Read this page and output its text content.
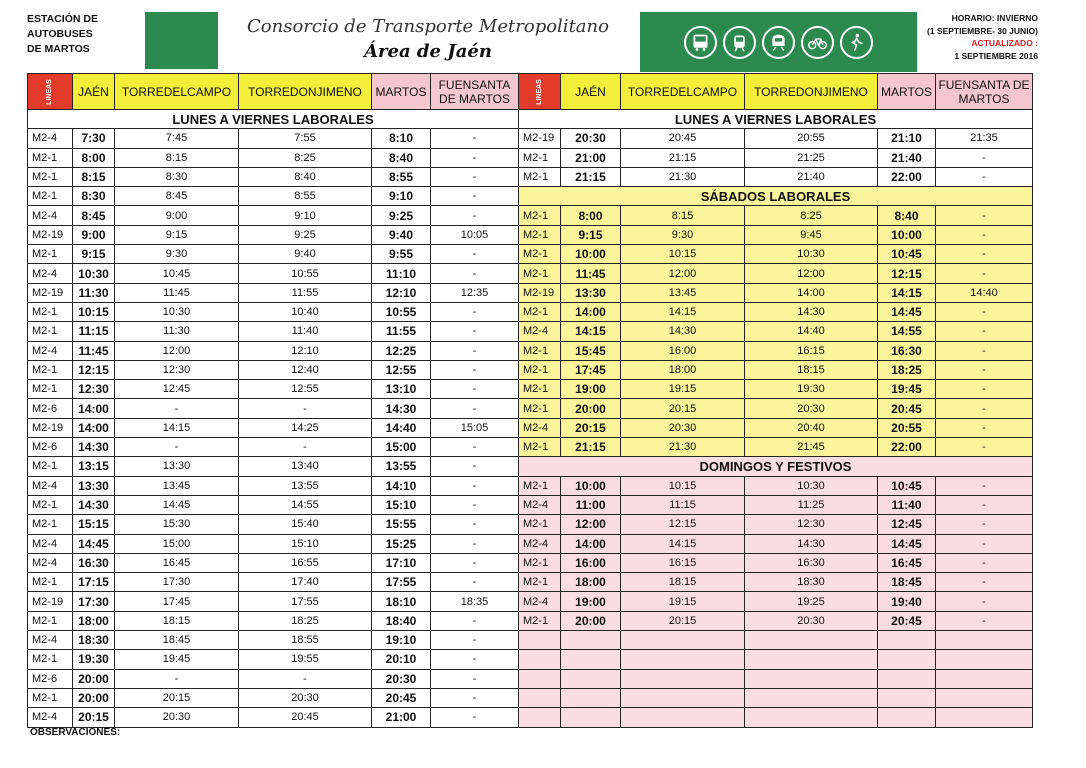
ESTACIÓN DE
AUTOBUSES
DE MARTOS
Consorcio de Transporte Metropolitano
Área de Jaén
HORARIO: INVIERNO
(1 SEPTIEMBRE- 30 JUNIO)
ACTUALIZADO :
1 SEPTIEMBRE 2016
LINEAS	JAÉN	TORREDELCAMPO	TORREDONJIMENO	MARTOS	FUENSANTA DE MARTOS
LUNES A VIERNES LABORALES					
M2-4	7:30	7:45	7:55	8:10	-
M2-1	8:00	8:15	8:25	8:40	-
M2-1	8:15	8:30	8:40	8:55	-
M2-1	8:30	8:45	8:55	9:10	-
M2-4	8:45	9:00	9:10	9:25	-
M2-19	9:00	9:15	9:25	9:40	10:05
M2-1	9:15	9:30	9:40	9:55	-
M2-4	10:30	10:45	10:55	11:10	-
M2-19	11:30	11:45	11:55	12:10	12:35
M2-1	10:15	10:30	10:40	10:55	-
M2-1	11:15	11:30	11:40	11:55	-
M2-4	11:45	12:00	12:10	12:25	-
M2-1	12:15	12:30	12:40	12:55	-
M2-1	12:30	12:45	12:55	13:10	-
M2-6	14:00	-	-	14:30	-
M2-19	14:00	14:15	14:25	14:40	15:05
M2-6	14:30	-	-	15:00	-
M2-1	13:15	13:30	13:40	13:55	-
M2-4	13:30	13:45	13:55	14:10	-
M2-1	14:30	14:45	14:55	15:10	-
M2-1	15:15	15:30	15:40	15:55	-
M2-4	14:45	15:00	15:10	15:25	-
M2-4	16:30	16:45	16:55	17:10	-
M2-1	17:15	17:30	17:40	17:55	-
M2-19	17:30	17:45	17:55	18:10	18:35
M2-1	18:00	18:15	18:25	18:40	-
M2-4	18:30	18:45	18:55	19:10	-
M2-1	19:30	19:45	19:55	20:10	-
M2-6	20:00	-	-	20:30	-
M2-1	20:00	20:15	20:30	20:45	-
M2-4	20:15	20:30	20:45	21:00	-
LINEAS	JAÉN	TORREDELCAMPO	TORREDONJIMENO	MARTOS	FUENSANTA DE MARTOS
LUNES A VIERNES LABORALES					
M2-19	20:30	20:45	20:55	21:10	21:35
M2-1	21:00	21:15	21:25	21:40	-
M2-1	21:15	21:30	21:40	22:00	-
SÁBADOS LABORALES					
M2-1	8:00	8:15	8:25	8:40	-
M2-1	9:15	9:30	9:45	10:00	-
M2-1	10:00	10:15	10:30	10:45	-
M2-1	11:45	12:00	12:00	12:15	-
M2-19	13:30	13:45	14:00	14:15	14:40
M2-1	14:00	14:15	14:30	14:45	-
M2-4	14:15	14:30	14:40	14:55	-
M2-1	15:45	16:00	16:15	16:30	-
M2-1	17:45	18:00	18:15	18:25	-
M2-1	19:00	19:15	19:30	19:45	-
M2-1	20:00	20:15	20:30	20:45	-
M2-4	20:15	20:30	20:40	20:55	-
M2-1	21:15	21:30	21:45	22:00	-
DOMINGOS Y FESTIVOS					
M2-1	10:00	10:15	10:30	10:45	-
M2-4	11:00	11:15	11:25	11:40	-
M2-1	12:00	12:15	12:30	12:45	-
M2-4	14:00	14:15	14:30	14:45	-
M2-1	16:00	16:15	16:30	16:45	-
M2-1	18:00	18:15	18:30	18:45	-
M2-4	19:00	19:15	19:25	19:40	-
M2-1	20:00	20:15	20:30	20:45	-

OBSERVACIONES:
